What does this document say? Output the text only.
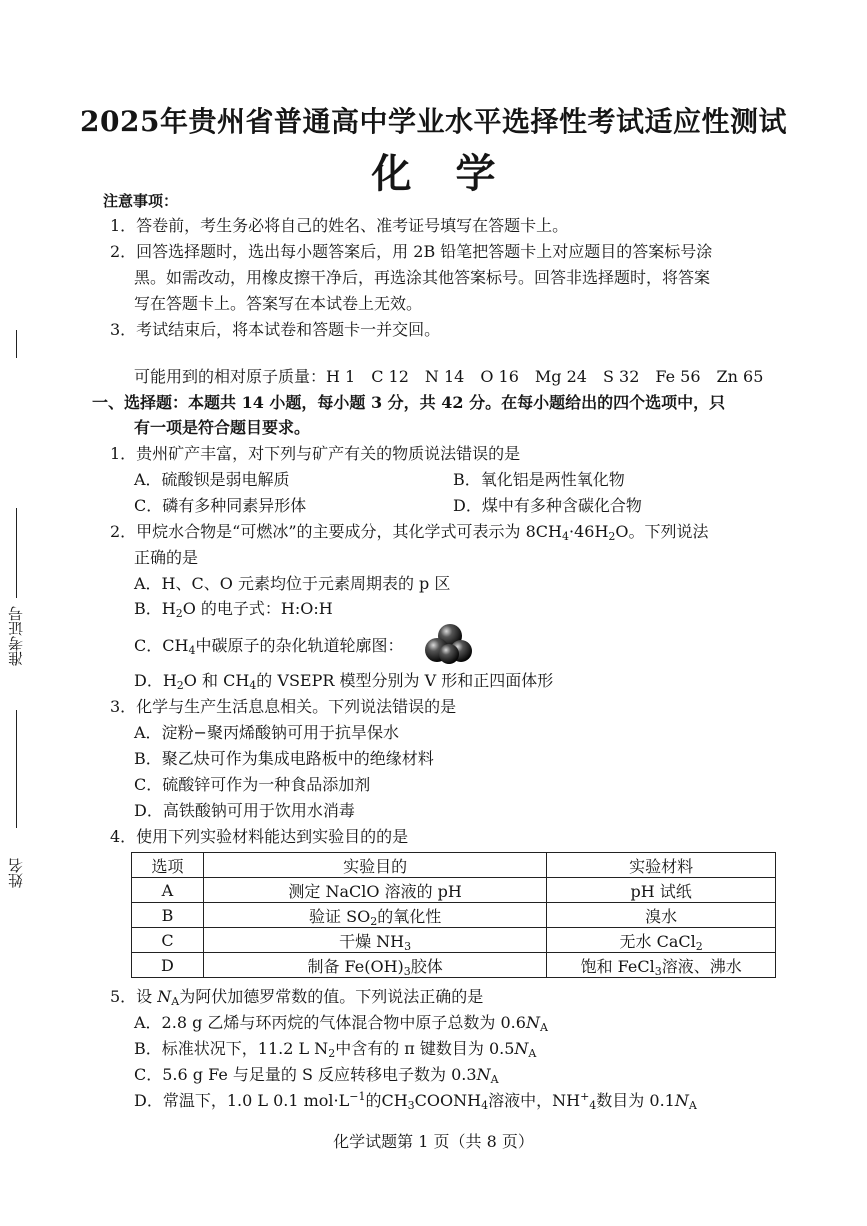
2025年贵州省普通高中学业水平选择性考试适应性测试
化学
注意事项：
1．答卷前，考生务必将自己的姓名、准考证号填写在答题卡上。
2．回答选择题时，选出每小题答案后，用 2B 铅笔把答题卡上对应题目的答案标号涂
黑。如需改动，用橡皮擦干净后，再选涂其他答案标号。回答非选择题时，将答案
写在答题卡上。答案写在本试卷上无效。
3．考试结束后，将本试卷和答题卡一并交回。
可能用到的相对原子质量：H 1　C 12　N 14　O 16　Mg 24　S 32　Fe 56　Zn 65
一、选择题：本题共 14 小题，每小题 3 分，共 42 分。在每小题给出的四个选项中，只
有一项是符合题目要求。
准考证号
姓名
1．贵州矿产丰富，对下列与矿产有关的物质说法错误的是
A．硫酸钡是弱电解质	B．氧化铝是两性氧化物
C．磷有多种同素异形体	D．煤中有多种含碳化合物
2．甲烷水合物是“可燃冰”的主要成分，其化学式可表示为 $8CH_4\cdot 46H_2O$。下列说法
正确的是
A．H、C、O 元素均位于元素周期表的 p 区
B．$H_2O$ 的电子式：H:O:H
C．$CH_4$中碳原子的杂化轨道轮廓图：
D．$H_2O$ 和 $CH_4$的 VSEPR 模型分别为 V 形和正四面体形
3．化学与生产生活息息相关。下列说法错误的是
A．淀粉−聚丙烯酸钠可用于抗旱保水
B．聚乙炔可作为集成电路板中的绝缘材料
C．硫酸锌可作为一种食品添加剂
D．高铁酸钠可用于饮用水消毒
4．使用下列实验材料能达到实验目的的是
选项	实验目的	实验材料
A	测定 NaClO 溶液的 pH	pH 试纸
B	验证 $SO_2$的氧化性	溴水
C	干燥 $NH_3$	无水 CaCl$_2$
D	制备 $Fe(OH)_3$胶体	饱和 FeCl$_3$溶液、沸水
5．设 $N_A$为阿伏加德罗常数的值。下列说法正确的是
A．2.8 g 乙烯与环丙烷的气体混合物中原子总数为 $0.6N_A$
B．标准状况下，11.2 L $N_2$中含有的 π 键数目为 $0.5N_A$
C．5.6 g Fe 与足量的 S 反应转移电子数为 $0.3N_A$
D．常温下，1.0 L 0.1 $mol\cdot L^{-1}$的$CH_3COONH_4$溶液中，$NH^+_4$数目为 $0.1N_A$
化学试题第 1 页（共 8 页）
